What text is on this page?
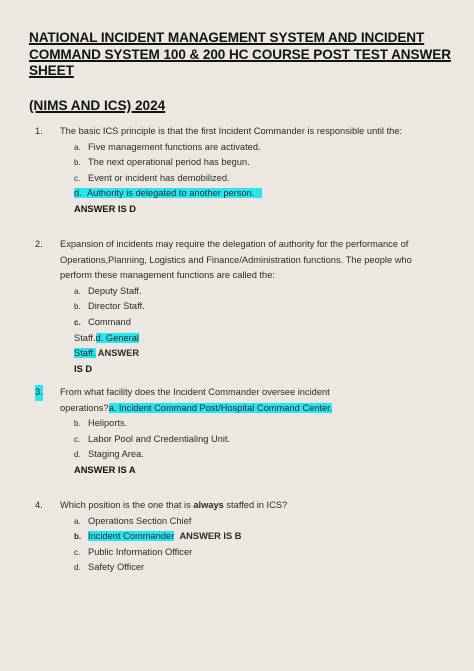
NATIONAL INCIDENT MANAGEMENT SYSTEM AND INCIDENT COMMAND SYSTEM 100 & 200 HC COURSE POST TEST ANSWER SHEET
(NIMS AND ICS) 2024
1.	The basic ICS principle is that the first Incident Commander is responsible until the:
a. Five management functions are activated.
b. The next operational period has begun.
c. Event or incident has demobilized.
d. Authority is delegated to another person.
ANSWER IS D
2.	Expansion of incidents may require the delegation of authority for the performance of Operations,Planning, Logistics and Finance/Administration functions. The people who perform these management functions are called the:
a. Deputy Staff.
b. Director Staff.
c. Command
Staff.d. General
Staff. ANSWER
IS D
3.	From what facility does the Incident Commander oversee incident
operations?a. Incident Command Post/Hospital Command Center.
b. Heliports.
c. Labor Pool and Credentialing Unit.
d. Staging Area.
ANSWER IS A
4.	Which position is the one that is always staffed in ICS?
a. Operations Section Chief
b. Incident Commander ANSWER IS B
c. Public Information Officer
d. Safety Officer
